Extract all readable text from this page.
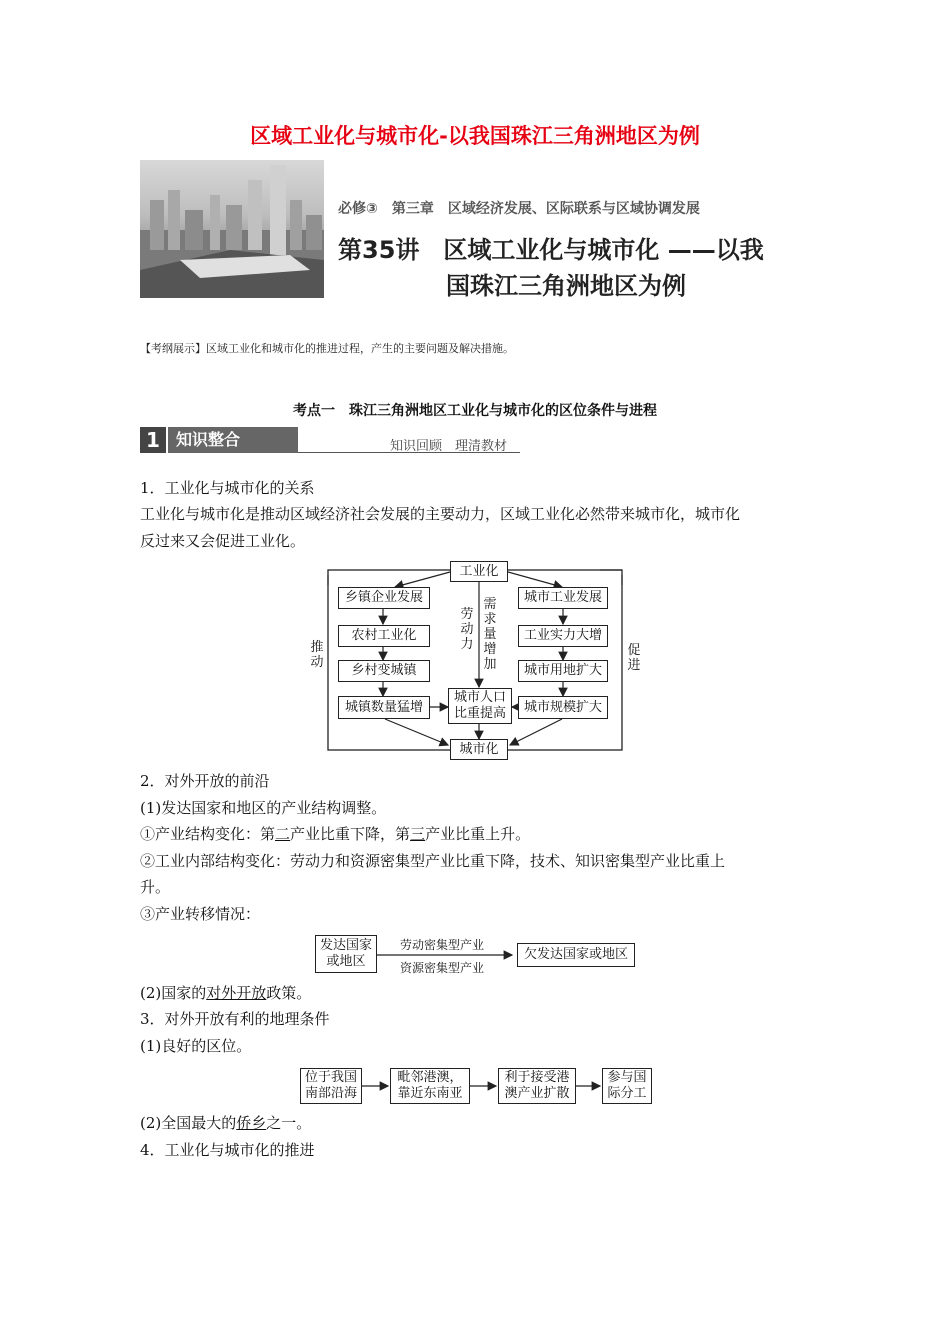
区域工业化与城市化-以我国珠江三角洲地区为例
必修③　第三章　区域经济发展、区际联系与区域协调发展
第35讲　区域工业化与城市化 ——以我
国珠江三角洲地区为例
【考纲展示】区域工业化和城市化的推进过程，产生的主要问题及解决措施。
考点一　珠江三角洲地区工业化与城市化的区位条件与进程
1	知识整合	知识回顾　理清教材
1．工业化与城市化的关系
工业化与城市化是推动区域经济社会发展的主要动力，区域工业化必然带来城市化，城市化
反过来又会促进工业化。
工业化
乡镇企业发展
农村工业化
乡村变城镇
城镇数量猛增
城市工业发展
工业实力大增
城市用地扩大
城市规模扩大
城市人口
比重提高
城市化
劳动力
需求量增加
推动
促进
2．对外开放的前沿
(1)发达国家和地区的产业结构调整。
①产业结构变化：第二产业比重下降，第三产业比重上升。
②工业内部结构变化：劳动力和资源密集型产业比重下降，技术、知识密集型产业比重上
升。
③产业转移情况：
发达国家
或地区
劳动密集型产业
资源密集型产业
欠发达国家或地区
(2)国家的对外开放政策。
3．对外开放有利的地理条件
(1)良好的区位。
位于我国
南部沿海
毗邻港澳，
靠近东南亚
利于接受港
澳产业扩散
参与国
际分工
(2)全国最大的侨乡之一。
4．工业化与城市化的推进
